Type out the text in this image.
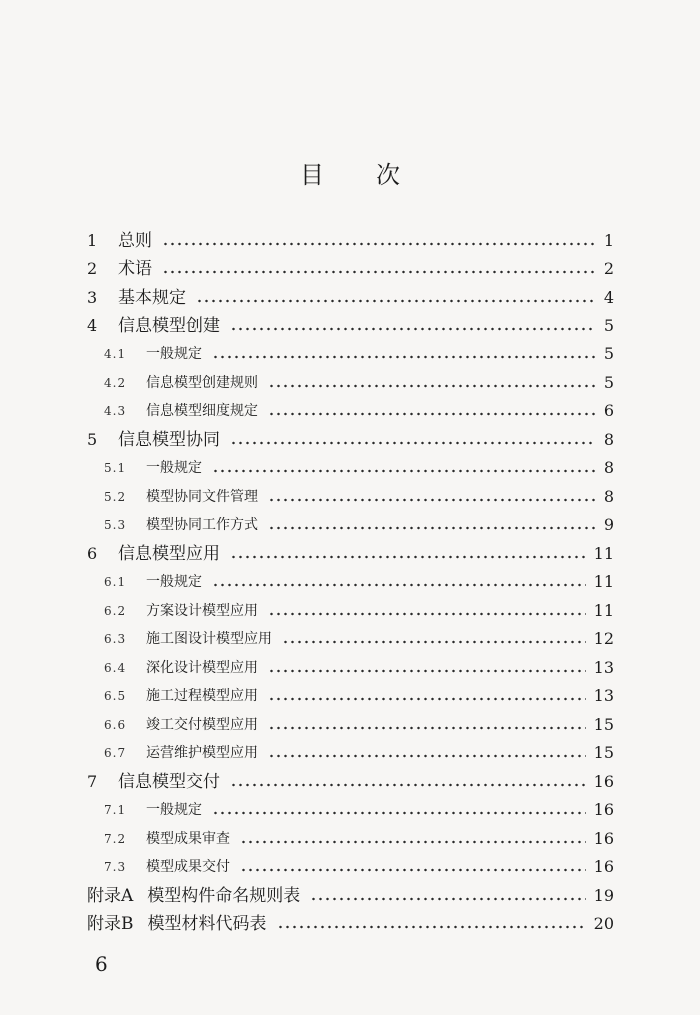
目 次
1	总则	1
2	术语	2
3	基本规定	4
4	信息模型创建	5
4.1	一般规定	5
4.2	信息模型创建规则	5
4.3	信息模型细度规定	6
5	信息模型协同	8
5.1	一般规定	8
5.2	模型协同文件管理	8
5.3	模型协同工作方式	9
6	信息模型应用	11
6.1	一般规定	11
6.2	方案设计模型应用	11
6.3	施工图设计模型应用	12
6.4	深化设计模型应用	13
6.5	施工过程模型应用	13
6.6	竣工交付模型应用	15
6.7	运营维护模型应用	15
7	信息模型交付	16
7.1	一般规定	16
7.2	模型成果审查	16
7.3	模型成果交付	16
附录A 模型构件命名规则表	19
附录B 模型材料代码表	20
6
